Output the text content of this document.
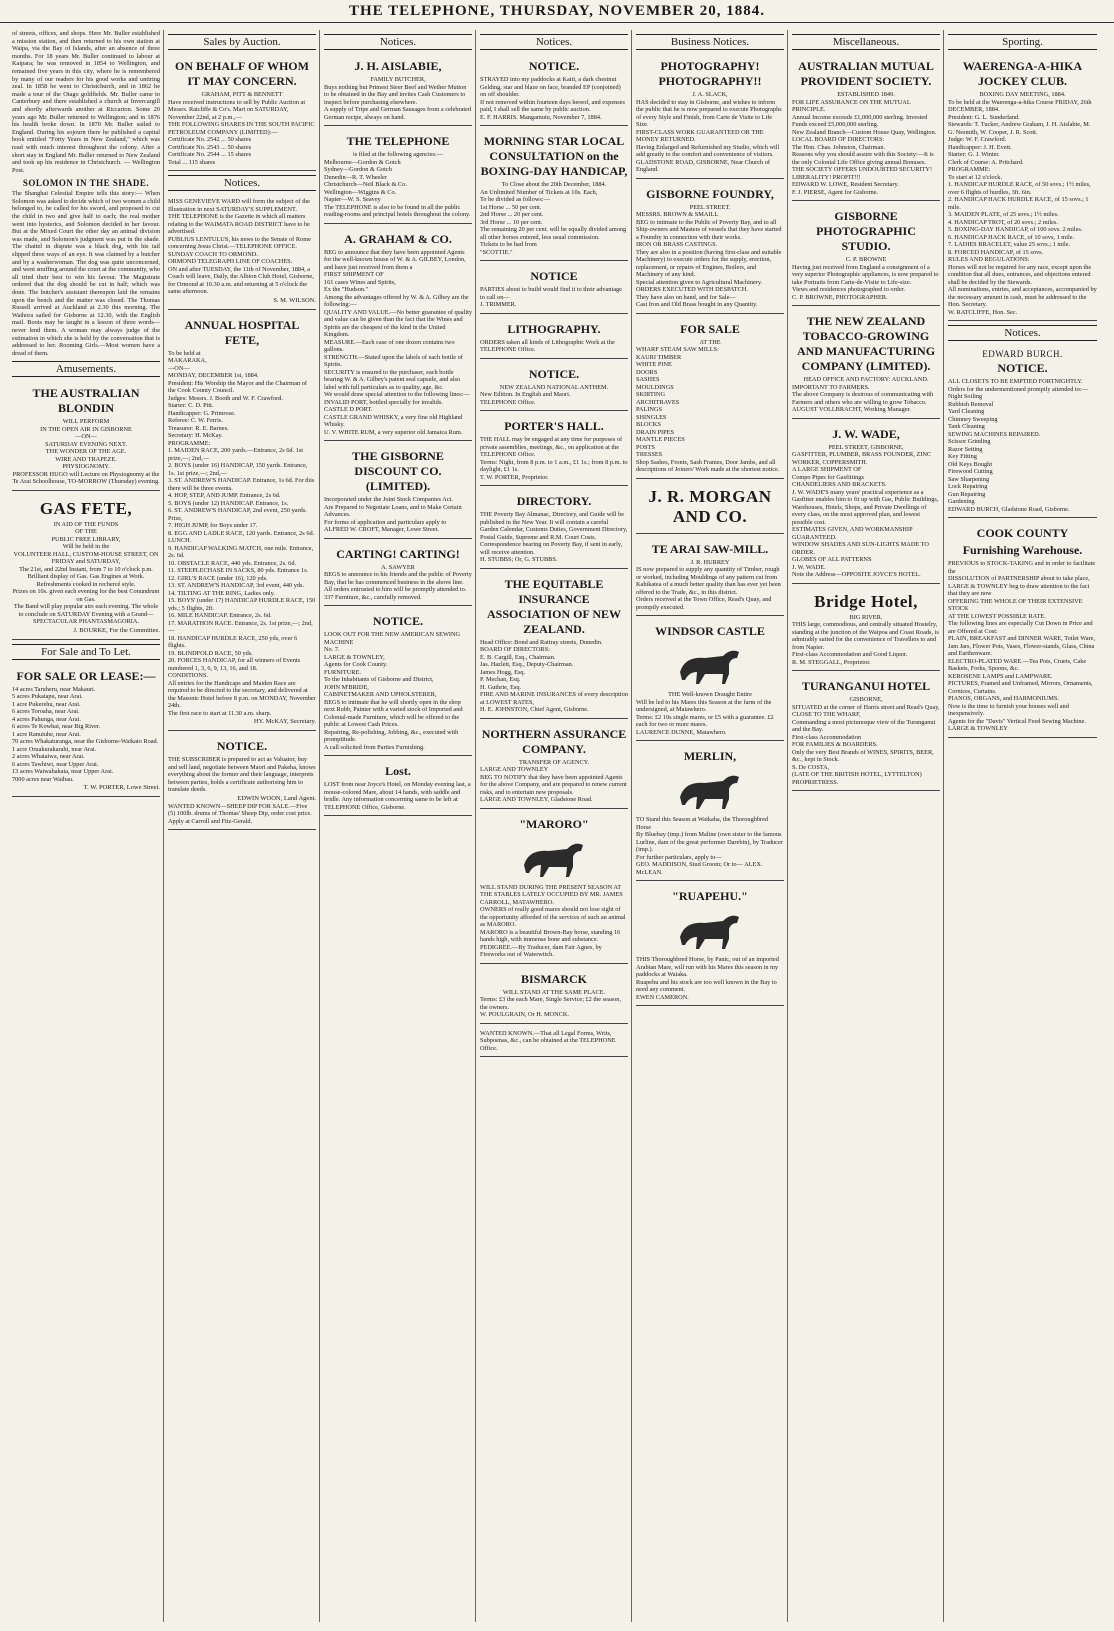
THE TELEPHONE, THURSDAY, NOVEMBER 20, 1884.

of streets, offices, and shops. Here Mr. Buller established a mission station, and then returned to his own station at Waipa, via the Bay of Islands, after an absence of three months. For 18 years Mr. Buller continued to labour at Kaipara; he was removed in 1854 to Wellington, and remained five years in this city, where he is remembered by many of our readers for his good works and untiring zeal. In 1858 he went to Christchurch, and in 1862 he made a tour of the Otago goldfields. Mr. Buller came to Canterbury and there established a church at Invercargill and shortly afterwards another at Riccarton. Some 20 years ago Mr. Buller returned to Wellington; and in 1876 his health broke down. In 1870 Mr. Buller sailed to England. During his sojourn there he published a capital book entitled "Forty Years in New Zealand," which was read with much interest throughout the colony. After a short stay in England Mr. Buller returned to New Zealand and took up his residence in Christchurch. — Wellington Post.

SOLOMON IN THE SHADE.

The Shanghai Celestial Empire tells this story:— When Solomon was asked to decide which of two women a child belonged to, he called for his sword, and proposed to cut the child in two and give half to each; the real mother went into hysterics, and Solomon decided in her favour. But at the Mixed Court the other day an animal division was made, and Solomon's judgment was put in the shade. The chattel in dispute was a black dog, with his tail slipped three ways of an eye. It was claimed by a butcher and by a washerwoman. The dog was quite unconcerned, and went snuffing around the court at the community, who all tried their best to win his favour. The Magistrate ordered that the dog should be cut in half; which was done. The butcher's assistant thereupon laid the remains upon the bench and the matter was closed. The Thomas Russell arrived at Auckland at 2.30 this morning. The Waihora sailed for Gisborne at 12.30, with the English mail. Boots may be taught in a lesson of three words—never lend them. A woman may always judge of the estimation in which she is held by the conversation that is addressed to her. Rooming Girls.—Most women have a dread of them.

Amusements.
THE AUSTRALIAN BLONDIN

WILL PERFORM

IN THE OPEN AIR IN GISBORNE

—ON—

SATURDAY EVENING NEXT.

THE WONDER OF THE AGE.

WIRE AND TRAPEZE.

PHYSIOGNOMY.

PROFESSOR HUGO will Lecture on Physiognomy at the Te Arai Schoolhouse, TO-MORROW (Thursday) evening.

GAS FETE,

IN AID OF THE FUNDS

OF THE

PUBLIC FREE LIBRARY,

Will be held in the

VOLUNTEER HALL, CUSTOM-HOUSE STREET, ON

FRIDAY and SATURDAY,

The 21st, and 22nd Instant, from 7 to 10 o'clock p.m.

Brilliant display of Gas. Gas Engines at Work. Refreshments cooked in rechercé style.

Prizes on 10s. given each evening for the best Conundrum on Gas.

The Band will play popular airs each evening. The whole to conclude on SATURDAY Evening with a Grand—

SPECTACULAR PHANTASMAGORIA.

J. BOURKE, For the Committee.

For Sale and To Let.
FOR SALE OR LEASE:—

14 acres Taruheru, near Makauri.

5 acres Pukatapu, near Arai.

1 acre Pukerehu, near Arai.

6 acres Toroaha, near Arai.

4 acres Pahunga, near Arai.

6 acres Te Kowhai, near Big River.

1 acre Ranuiuhe, near Arai.

70 acres Whakaturanga, near the Gisborne-Waikato Road.

1 acre Oruakurakarahi, near Arai.

2 acres Whataiwa, near Arai.

6 acres Tawhiwi, near Upper Arai.

13 acres Waiwahakata, near Upper Arai.

7000 acres near Waihau.

T. W. PORTER, Lowe Street.

Sales by Auction.
ON BEHALF OF WHOM IT MAY CONCERN.

GRAHAM, PITT & BENNETT

Have received instructions to sell by Public Auction at Messrs. Ratcliffe & Co's. Mart on SATURDAY, November 22nd, at 2 p.m.,—

THE FOLLOWING SHARES IN THE SOUTH PACIFIC PETROLEUM COMPANY (LIMITED):—

Certificate No. 2542 ... 50 shares

Certificate No. 2543 ... 50 shares

Certificate No. 2544 ... 15 shares

Total ... 115 shares

Notices.

MISS GENEVIEVE WARD will form the subject of the Illustration in next SATURDAY'S SUPPLEMENT.

THE TELEPHONE is the Gazette in which all matters relating to the WAIMATA ROAD DISTRICT have to be advertised.

PUBLIUS LENTULUS, his news to the Senate of Rome concerning Jesus Christ.—TELEPHONE OFFICE.

SUNDAY COACH TO ORMOND.

ORMOND TELEGRAPH LINE OF COACHES.

ON and after TUESDAY, the 11th of November, 1884, a Coach will leave, Daily, the Albion Club Hotel, Gisborne, for Ormond at 10.30 a.m. and returning at 5 o'clock the same afternoon.

S. M. WILSON.

ANNUAL HOSPITAL FETE,

To be held at

MAKARAKA,

—ON—

MONDAY, DECEMBER 1st, 1884.

President: His Worship the Mayor and the Chairman of the Cook County Council.

Judges: Messrs. J. Booth and W. F. Crawford.

Starter: C. D. Pitt.

Handicapper: G. Primrose.

Referee: C. W. Ferris.

Treasurer: R. E. Barnes.

Secretary: H. McKay.

PROGRAMME:

1. MAIDEN RACE, 200 yards.—Entrance, 2s 6d. 1st prize,—; 2nd,—

2. BOYS (under 16) HANDICAP, 150 yards. Entrance, 1s. 1st prize,—; 2nd,—

3. ST. ANDREW'S HANDICAP. Entrance, 1s 6d. For this there will be three events.

4. HOP, STEP, AND JUMP. Entrance, 2s 6d.

5. BOYS (under 12) HANDICAP. Entrance, 1s.

6. ST. ANDREW'S HANDICAP, 2nd event, 250 yards. Prize,

7. HIGH JUMP, for Boys under 17.

8. EGG AND LADLE RACE, 120 yards. Entrance, 2s 6d.

LUNCH.

9. HANDICAP WALKING MATCH, one mile. Entrance, 2s. 6d.

10. OBSTACLE RACE, 440 yds. Entrance, 2s. 6d.

11. STEEPLECHASE IN SACKS, 80 yds. Entrance 1s.

12. GIRL'S RACE (under 16), 120 yds.

13. ST. ANDREW'S HANDICAP, 3rd event, 440 yds.

14. TILTING AT THE RING, Ladies only.

15. BOYS' (under 17) HANDICAP HURDLE RACE, 150 yds.; 5 flights, 2ft.

16. MILE HANDICAP. Entrance, 2s. 6d.

17. MARATHON RACE. Entrance, 2s. 1st prize,—; 2nd,—

18. HANDICAP HURDLE RACE, 250 yds, over 6 flights.

19. BLINDFOLD RACE, 50 yds.

20. FORCES HANDICAP, for all winners of Events numbered 1, 3, 6, 9, 13, 16, and 18.

CONDITIONS.

All entries for the Handicaps and Maiden Race are required to be directed to the secretary, and delivered at the Masonic Hotel before 8 p.m. on MONDAY, November 24th.

The first race to start at 11.30 a.m. sharp.

HY. McKAY, Secretary.

NOTICE.

THE SUBSCRIBER is prepared to act as Valuator, buy and sell land, negotiate between Maori and Pakeha, knows everything about the former and their language, interprets between parties, holds a certificate authorising him to translate deeds.

EDWIN WOON, Land Agent.

WANTED KNOWN—SHEEP DIP FOR SALE.—Five (5) 100lb. drums of Thomas' Sheep Dip, order cost price. Apply at Carroll and Fitz-Gerald.

Notices.
J. H. AISLABIE,

FAMILY BUTCHER,

Buys nothing but Primest Steer Beef and Wether Mutton to be obtained in the Bay and invites Cash Customers to inspect before purchasing elsewhere.

A supply of Tripe and German Sausages from a celebrated German recipe, always on hand.

THE TELEPHONE

is filed at the following agencies:—

Melbourne—Gordon & Gotch

Sydney—Gordon & Gotch

Dunedin—R. T. Wheeler

Christchurch—Neil Black & Co.

Wellington—Wiggins & Co.

Napier—W. S. Seavey

The TELEPHONE is also to be found in all the public reading-rooms and principal hotels throughout the colony.

A. GRAHAM & CO.

BEG to announce that they have been appointed Agents for the well-known house of W. & A. GILBEY, London, and have just received from them a

FIRST SHIPMENT OF

161 cases Wines and Spirits,

Ex the "Hudson."

Among the advantages offered by W. & A. Gilbey are the following:—

QUALITY AND VALUE.—No better guarantee of quality and value can be given than the fact that the Wines and Spirits are the cheapest of the kind in the United Kingdom.

MEASURE.—Each case of one dozen contains two gallons.

STRENGTH.—Stated upon the labels of each bottle of Spirits.

SECURITY is ensured to the purchaser, each bottle bearing W. & A. Gilbey's patent seal capsule, and also label with full particulars as to quality, age, &c.

We would draw special attention to the following lines:—

INVALID PORT, bottled specially for invalids.

CASTLE D PORT.

CASTLE GRAND WHISKY, a very fine old Highland Whisky.

U. V. WHITE RUM, a very superior old Jamaica Rum.

THE GISBORNE DISCOUNT CO. (LIMITED).

Incorporated under the Joint Stock Companies Act.

Are Prepared to Negotiate Loans, and to Make Certain Advances.

For forms of application and particulars apply to

ALFRED W. CROFT, Manager, Lowe Street.

CARTING! CARTING!

A. SAWYER

BEGS to announce to his friends and the public of Poverty Bay, that he has commenced business in the above line.

All orders entrusted to him will be promptly attended to.

337 Furniture, &c., carefully removed.

NOTICE.

LOOK OUT FOR THE NEW AMERICAN SEWING MACHINE

No. 7.

LARGE & TOWNLEY,

Agents for Cook County.

FURNITURE.

To the Inhabitants of Gisborne and District,

JOHN M'BRIDE,

CABINETMAKER AND UPHOLSTERER,

BEGS to intimate that he will shortly open in the shop next Robb, Painter with a varied stock of Imported and Colonial-made Furniture, which will be offered to the public at Lowest Cash Prices.

Repairing, Re-polishing, Jobbing, &c., executed with promptitude.

A call solicited from Parties Furnishing.

Lost.

LOST from near Joyce's Hotel, on Monday evening last, a mouse-colored Mare, about 14 hands, with saddle and bridle. Any information concerning same to be left at TELEPHONE Office, Gisborne.

Notices.
NOTICE.

STRAYED into my paddocks at Kaiti, a dark chestnut Gelding, star and blaze on face, branded EP (conjoined) on off shoulder.

If not removed within fourteen days hereof, and expenses paid, I shall sell the same by public auction.

E. F. HARRIS. Mangamutu, November 7, 1884.

MORNING STAR LOCAL CONSULTATION on the BOXING-DAY HANDICAP,

To Close about the 20th December, 1884.

An Unlimited Number of Tickets at 10s. Each,

To be divided as follows:—

1st Horse ... 50 per cent.

2nd Horse ... 20 per cent.

3rd Horse ... 10 per cent.

The remaining 20 per cent. will be equally divided among all other horses entered, less usual commission.

Tickets to be had from

"SCOTTIE."

NOTICE

PARTIES about to build would find it to their advantage to call on—

J. TRIMMER.

LITHOGRAPHY.

ORDERS taken all kinds of Lithographic Work at the TELEPHONE Office.

NOTICE.

NEW ZEALAND NATIONAL ANTHEM.

New Edition. In English and Maori.

TELEPHONE Office.

PORTER'S HALL.

THE HALL may be engaged at any time for purposes of private assemblies, meetings, &c., on application at the TELEPHONE Office.

Terms: Night, from 8 p.m. to 1 a.m., £1 1s.; from 8 p.m. to daylight, £1 1s.

T. W. PORTER, Proprietor.

DIRECTORY.

THE Poverty Bay Almanac, Directory, and Guide will be published in the New Year. It will contain a careful Garden Calendar, Customs Duties, Government Directory, Postal Guide, Supreme and R.M. Court Costs.

Correspondence bearing on Poverty Bay, if sent in early, will receive attention.

H. STUBBS; Or, G. STUBBS.

THE EQUITABLE INSURANCE ASSOCIATION OF NEW ZEALAND.

Head Office: Bond and Rattray streets, Dunedin.

BOARD OF DIRECTORS:

E. B. Cargill, Esq., Chairman.

Jas. Hazlett, Esq., Deputy-Chairman.

James Hogg, Esq.

P. Mechan, Esq.

H. Guthrie, Esq.

FIRE AND MARINE INSURANCES of every description at LOWEST RATES,

H. E. JOHNSTON, Chief Agent, Gisborne.

NORTHERN ASSURANCE COMPANY.

TRANSFER OF AGENCY.

LARGE AND TOWNLEY

BEG TO NOTIFY that they have been appointed Agents for the above Company, and are prepared to renew current risks, and to entertain new proposals.

LARGE AND TOWNLEY, Gladstone Road.

"MARORO"

WILL STAND DURING THE PRESENT SEASON AT THE STABLES LATELY OCCUPIED BY MR. JAMES CARROLL, MATAWHERO.

OWNERS of really good mares should not lose sight of the opportunity afforded of the services of such an animal as MARORO.

MARORO is a beautiful Brown-Bay horse, standing 16 hands high, with immense bone and substance.

PEDIGREE.—By Traducer, dam Fair Agnes, by Fireworks out of Waterwitch.

BISMARCK

WILL STAND AT THE SAME PLACE.

Terms: £3 the each Mare, Single Service; £2 the season, the owners.

W. POULGRAIN, Or H. MONCK.

WANTED KNOWN.—That all Legal Forms, Writs, Subpoenas, &c., can be obtained at the TELEPHONE Office.

Business Notices.
PHOTOGRAPHY! PHOTOGRAPHY!!

J. A. SLACK,

HAS decided to stay in Gisborne, and wishes to inform the public that he is now prepared to execute Photographs of every Style and Finish, from Carte de Visite to Life Size.

FIRST-CLASS WORK GUARANTEED OR THE MONEY RETURNED.

Having Enlarged and Refurnished my Studio, which will add greatly to the comfort and convenience of visitors.

GLADSTONE ROAD, GISBORNE, Near Church of England.

GISBORNE FOUNDRY,

PEEL STREET.

MESSRS. BROWN & SMAILL

BEG to intimate to the Public of Poverty Bay, and to all Ship-owners and Masters of vessels that they have started a Foundry in connection with their works.

IRON OR BRASS CASTINGS.

They are also in a position (having first-class and suitable Machinery) to execute orders for the supply, erection, replacement, or repairs of Engines, Boilers, and Machinery of any kind.

Special attention given to Agricultural Machinery.

ORDERS EXECUTED WITH DESPATCH.

They have also on hand, and for Sale—

Cast Iron and Old Brass bought in any Quantity.

FOR SALE

AT THE

WHARF STEAM SAW MILLS:

KAURI TIMBER

WHITE PINE

DOORS

SASHES

MOULDINGS

SKIRTING

ARCHITRAVES

PALINGS

SHINGLES

BLOCKS

DRAIN PIPES

MANTLE PIECES

POSTS

TRESSES

Shop Sashes, Fronts, Sash Frames, Door Jambs, and all descriptions of Joiners' Work made at the shortest notice.

J. R. MORGAN AND CO.
TE ARAI SAW-MILL.

J. R. HURREY

IS now prepared to supply any quantity of Timber, rough or worked, including Mouldings of any pattern cut from Kahikatea of a much better quality than has ever yet been offered to the Trade, &c., in this district.

Orders received at the Town Office, Read's Quay, and promptly executed.

WINDSOR CASTLE

THE Well-known Draught Entire

Will be led to his Mares this Season at the farm of the undersigned, at Matawhero.

Terms: £2 10s single mares, or £5 with a guarantee. £2 each for two or more mares.

LAURENCE DUNNE, Matawhero.

MERLIN,

TO Stand this Season at Waikaha, the Thoroughbred Horse

By Bluebay (imp.) from Maline (own sister to the famous Lurline, dam of the great performer Darebin), by Traducer (imp.).

For further particulars, apply to—

GEO. MADDISON, Stud Groom; Or to— ALEX. McLEAN.

"RUAPEHU."

THIS Thoroughbred Horse, by Panic, out of an imported Arabian Mare, will run with his Mares this season in my paddocks at Waiaka.

Ruapehu and his stock are too well known in the Bay to need any comment.

EWEN CAMERON.

Miscellaneous.
AUSTRALIAN MUTUAL PROVIDENT SOCIETY.

ESTABLISHED 1849.

FOR LIFE ASSURANCE ON THE MUTUAL PRINCIPLE.

Annual Income exceeds £1,000,000 sterling. Invested Funds exceed £5,000,000 sterling.

New Zealand Branch—Custom House Quay, Wellington.

LOCAL BOARD OF DIRECTORS:

The Hon. Chas. Johnston, Chairman.

Reasons why you should assure with this Society:—It is the only Colonial Life Office giving annual Bonuses.

THE SOCIETY OFFERS UNDOUBTED SECURITY! LIBERALITY! PROFIT!!!

EDWARD W. LOWE, Resident Secretary.

F. J. PIERSE, Agent for Gisborne.

GISBORNE PHOTOGRAPHIC STUDIO.

C. P. BROWNE

Having just received from England a consignment of a very superior Photographic appliances, is now prepared to take Portraits from Carte-de-Visite to Life-size.

Views and residences photographed to order.

C. P. BROWNE, PHOTOGRAPHER.

THE NEW ZEALAND TOBACCO-GROWING AND MANUFACTURING COMPANY (LIMITED).

HEAD OFFICE AND FACTORY: AUCKLAND.

IMPORTANT TO FARMERS.

The above Company is desirous of communicating with Farmers and others who are willing to grow Tobacco.

AUGUST VOLLBRACHT, Working Manager.

J. W. WADE,

PEEL STREET, GISBORNE,

GASFITTER, PLUMBER, BRASS FOUNDER, ZINC WORKER, COPPERSMITH.

A LARGE SHIPMENT OF

Compo Pipes for Gasfittings

CHANDELIERS AND BRACKETS.

J. W. WADE'S many years' practical experience as a Gasfitter enables him to fit up with Gas, Public Buildings, Warehouses, Hotels, Shops, and Private Dwellings of every class, on the most approved plan, and lowest possible cost.

ESTIMATES GIVEN, AND WORKMANSHIP GUARANTEED.

WINDOW SHADES AND SUN-LIGHTS MADE TO ORDER.

GLOBES OF ALL PATTERNS

J. W. WADE.

Note the Address—OPPOSITE JOYCE'S HOTEL.

Bridge Hotel,

BIG RIVER.

THIS large, commodious, and centrally situated Hostelry, standing at the junction of the Waipoa and Coast Roads, is admirably suited for the convenience of Travellers to and from Napier.

First-class Accommodation and Good Liquor.

R. M. STEGGALL, Proprietor.

TURANGANUI HOTEL

GISBORNE,

SITUATED at the corner of Harris street and Read's Quay,

CLOSE TO THE WHARF,

Commanding a most picturesque view of the Turanganui and the Bay.

First-class Accommodation

FOR FAMILIES & BOARDERS.

Only the very Best Brands of WINES, SPIRITS, BEER, &c., kept in Stock.

S. De COSTA,

(LATE OF THE BRITISH HOTEL, LYTTELTON) PROPRIETRESS.

Sporting.
WAERENGA-A-HIKA JOCKEY CLUB.

BOXING DAY MEETING, 1884.

To be held at the Waerenga-a-hika Course FRIDAY, 26th DECEMBER, 1884.

President: G. L. Sunderland.

Stewards: T. Tucker, Andrew Graham, J. H. Aislabie, M. G. Nesmith, W. Cooper, J. R. Scott.

Judge: W. F. Crawford.

Handicapper: J. H. Evett.

Starter: G. J. Winter.

Clerk of Course: A. Pritchard.

PROGRAMME:

To start at 12 o'clock.

1. HANDICAP HURDLE RACE, of 50 sovs.; 1½ miles, over 6 flights of hurdles, 3ft. 6in.

2. HANDICAP HACK HURDLE RACE, of 15 sovs.; 1 mile.

3. MAIDEN PLATE, of 25 sovs.; 1½ miles.

4. HANDICAP TROT, of 20 sovs.; 2 miles.

5. BOXING-DAY HANDICAP, of 100 sovs. 2 miles.

6. HANDICAP HACK RACE, of 10 sovs, 1 mile.

7. LADIES BRACELET, value 25 sovs.; 1 mile.

8. FORCED HANDICAP, of 15 sovs.

RULES AND REGULATIONS:

Horses will not be required for any race, except upon the condition that all dues, entrances, and objections entered shall be decided by the Stewards.

All nominations, entries, and acceptances, accompanied by the necessary amount in cash, must be addressed to the Hon. Secretary.

W. RATCLIFFE, Hon. Sec.

Notices.
EDWARD BURCH.
NOTICE.

ALL CLOSETS TO BE EMPTIED FORTNIGHTLY.

Orders for the undermentioned promptly attended to:—

Night Soiling

Rubbish Removal

Yard Cleaning

Chimney Sweeping

Tank Cleaning

SEWING MACHINES REPAIRED.

Scissor Grinding

Razor Setting

Key Fitting

Old Keys Bought

Firewood Cutting

Saw Sharpening

Lock Repairing

Gun Repairing

Gardening

EDWARD BURCH, Gladstone Road, Gisborne.

COOK COUNTY
Furnishing Warehouse.

PREVIOUS to STOCK-TAKING and in order to facilitate the

DISSOLUTION of PARTNERSHIP about to take place,

LARGE & TOWNLEY beg to draw attention to the fact that they are now

OFFERING THE WHOLE OF THEIR EXTENSIVE STOCK

AT THE LOWEST POSSIBLE RATE.

The following lines are especially Cut Down in Price and are Offered at Cost:

PLAIN, BREAKFAST and DINNER WARE, Toilet Ware, Jam Jars, Flower Pots, Vases, Flower-stands, Glass, China and Earthenware.

ELECTRO-PLATED WARE.—Tea Pots, Cruets, Cake Baskets, Forks, Spoons, &c.

KEROSENE LAMPS and LAMPWARE.

PICTURES, Framed and Unframed, Mirrors, Ornaments, Cornices, Curtains.

PIANOS, ORGANS, and HARMONIUMS.

Now is the time to furnish your houses well and inexpensively.

Agents for the "Davis" Vertical Feed Sewing Machine.

LARGE & TOWNLEY
